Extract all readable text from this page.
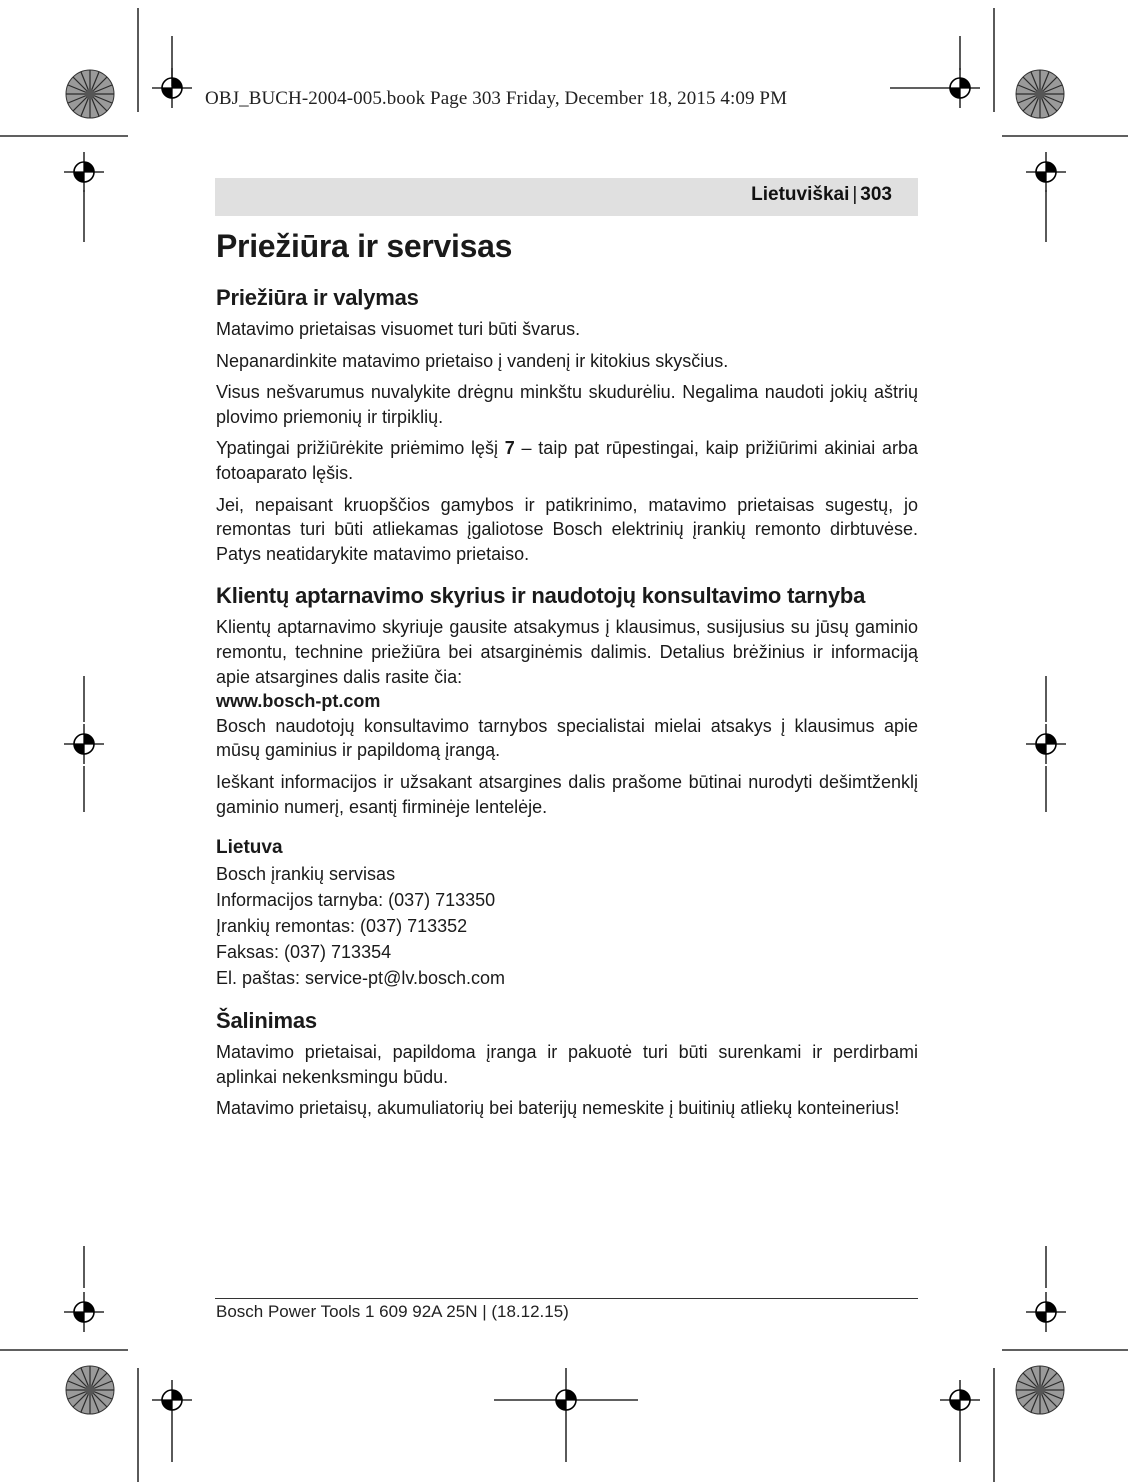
OBJ_BUCH-2004-005.book Page 303 Friday, December 18, 2015 4:09 PM
Lietuviškai | 303
Priežiūra ir servisas
Priežiūra ir valymas

Matavimo prietaisas visuomet turi būti švarus.

Nepanardinkite matavimo prietaiso į vandenį ir kitokius skysčius.

Visus nešvarumus nuvalykite drėgnu minkštu skudurėliu. Negalima naudoti jokių aštrių plovimo priemonių ir tirpiklių.

Ypatingai prižiūrėkite priėmimo lęšį 7 – taip pat rūpestingai, kaip prižiūrimi akiniai arba fotoaparato lęšis.

Jei, nepaisant kruopščios gamybos ir patikrinimo, matavimo prietaisas sugestų, jo remontas turi būti atliekamas įgaliotose Bosch elektrinių įrankių remonto dirbtuvėse. Patys neatidarykite matavimo prietaiso.

Klientų aptarnavimo skyrius ir naudotojų konsultavimo tarnyba

Klientų aptarnavimo skyriuje gausite atsakymus į klausimus, susijusius su jūsų gaminio remontu, technine priežiūra bei atsarginėmis dalimis. Detalius brėžinius ir informaciją apie atsargines dalis rasite čia:

www.bosch-pt.com

Bosch naudotojų konsultavimo tarnybos specialistai mielai atsakys į klausimus apie mūsų gaminius ir papildomą įrangą.

Ieškant informacijos ir užsakant atsargines dalis prašome būtinai nurodyti dešimtženklį gaminio numerį, esantį firminėje lentelėje.

Lietuva
Bosch įrankių servisas
Informacijos tarnyba: (037) 713350
Įrankių remontas: (037) 713352
Faksas: (037) 713354
El. paštas: service-pt@lv.bosch.com
Šalinimas

Matavimo prietaisai, papildoma įranga ir pakuotė turi būti surenkami ir perdirbami aplinkai nekenksmingu būdu.

Matavimo prietaisų, akumuliatorių bei baterijų nemeskite į buitinių atliekų konteinerius!

Bosch Power Tools 1 609 92A 25N | (18.12.15)
